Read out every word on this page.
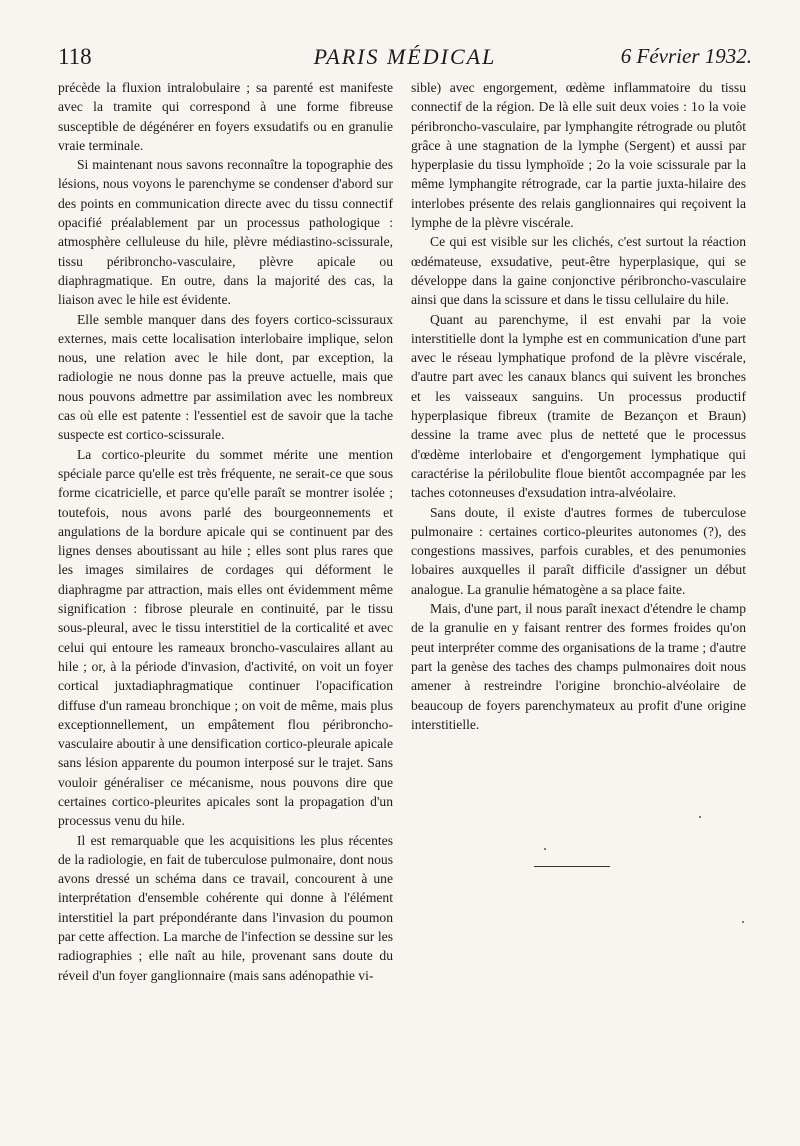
118	PARIS MÉDICAL	6 Février 1932.

précède la fluxion intralobulaire ; sa parenté est manifeste avec la tramite qui correspond à une forme fibreuse susceptible de dégénérer en foyers exsudatifs ou en granulie vraie terminale.

Si maintenant nous savons reconnaître la topographie des lésions, nous voyons le parenchyme se condenser d'abord sur des points en communication directe avec du tissu connectif opacifié préalablement par un processus pathologique : atmosphère celluleuse du hile, plèvre médiastino-scissurale, tissu péribroncho-vasculaire, plèvre apicale ou diaphragmatique. En outre, dans la majorité des cas, la liaison avec le hile est évidente.

Elle semble manquer dans des foyers cortico-scissuraux externes, mais cette localisation interlobaire implique, selon nous, une relation avec le hile dont, par exception, la radiologie ne nous donne pas la preuve actuelle, mais que nous pouvons admettre par assimilation avec les nombreux cas où elle est patente : l'essentiel est de savoir que la tache suspecte est cortico-scissurale.

La cortico-pleurite du sommet mérite une mention spéciale parce qu'elle est très fréquente, ne serait-ce que sous forme cicatricielle, et parce qu'elle paraît se montrer isolée ; toutefois, nous avons parlé des bourgeonnements et angulations de la bordure apicale qui se continuent par des lignes denses aboutissant au hile ; elles sont plus rares que les images similaires de cordages qui déforment le diaphragme par attraction, mais elles ont évidemment même signification : fibrose pleurale en continuité, par le tissu sous-pleural, avec le tissu interstitiel de la corticalité et avec celui qui entoure les rameaux broncho-vasculaires allant au hile ; or, à la période d'invasion, d'activité, on voit un foyer cortical juxtadiaphragmatique continuer l'opacification diffuse d'un rameau bronchique ; on voit de même, mais plus exceptionnellement, un empâtement flou péribroncho-vasculaire aboutir à une densification cortico-pleurale apicale sans lésion apparente du poumon interposé sur le trajet. Sans vouloir généraliser ce mécanisme, nous pouvons dire que certaines cortico-pleurites apicales sont la propagation d'un processus venu du hile.

Il est remarquable que les acquisitions les plus récentes de la radiologie, en fait de tuberculose pulmonaire, dont nous avons dressé un schéma dans ce travail, concourent à une interprétation d'ensemble cohérente qui donne à l'élément interstitiel la part prépondérante dans l'invasion du poumon par cette affection. La marche de l'infection se dessine sur les radiographies ; elle naît au hile, provenant sans doute du réveil d'un foyer ganglionnaire (mais sans adénopathie vi-

sible) avec engorgement, œdème inflammatoire du tissu connectif de la région. De là elle suit deux voies : 1o la voie péribroncho-vasculaire, par lymphangite rétrograde ou plutôt grâce à une stagnation de la lymphe (Sergent) et aussi par hyperplasie du tissu lymphoïde ; 2o la voie scissurale par la même lymphangite rétrograde, car la partie juxta-hilaire des interlobes présente des relais ganglionnaires qui reçoivent la lymphe de la plèvre viscérale.

Ce qui est visible sur les clichés, c'est surtout la réaction œdémateuse, exsudative, peut-être hyperplasique, qui se développe dans la gaine conjonctive péribroncho-vasculaire ainsi que dans la scissure et dans le tissu cellulaire du hile.

Quant au parenchyme, il est envahi par la voie interstitielle dont la lymphe est en communication d'une part avec le réseau lymphatique profond de la plèvre viscérale, d'autre part avec les canaux blancs qui suivent les bronches et les vaisseaux sanguins. Un processus productif hyperplasique fibreux (tramite de Bezançon et Braun) dessine la trame avec plus de netteté que le processus d'œdème interlobaire et d'engorgement lymphatique qui caractérise la périlobulite floue bientôt accompagnée par les taches cotonneuses d'exsudation intra-alvéolaire.

Sans doute, il existe d'autres formes de tuberculose pulmonaire : certaines cortico-pleurites autonomes (?), des congestions massives, parfois curables, et des penumonies lobaires auxquelles il paraît difficile d'assigner un début analogue. La granulie hématogène a sa place faite.

Mais, d'une part, il nous paraît inexact d'étendre le champ de la granulie en y faisant rentrer des formes froides qu'on peut interpréter comme des organisations de la trame ; d'autre part la genèse des taches des champs pulmonaires doit nous amener à restreindre l'origine bronchio-alvéolaire de beaucoup de foyers parenchymateux au profit d'une origine interstitielle.
